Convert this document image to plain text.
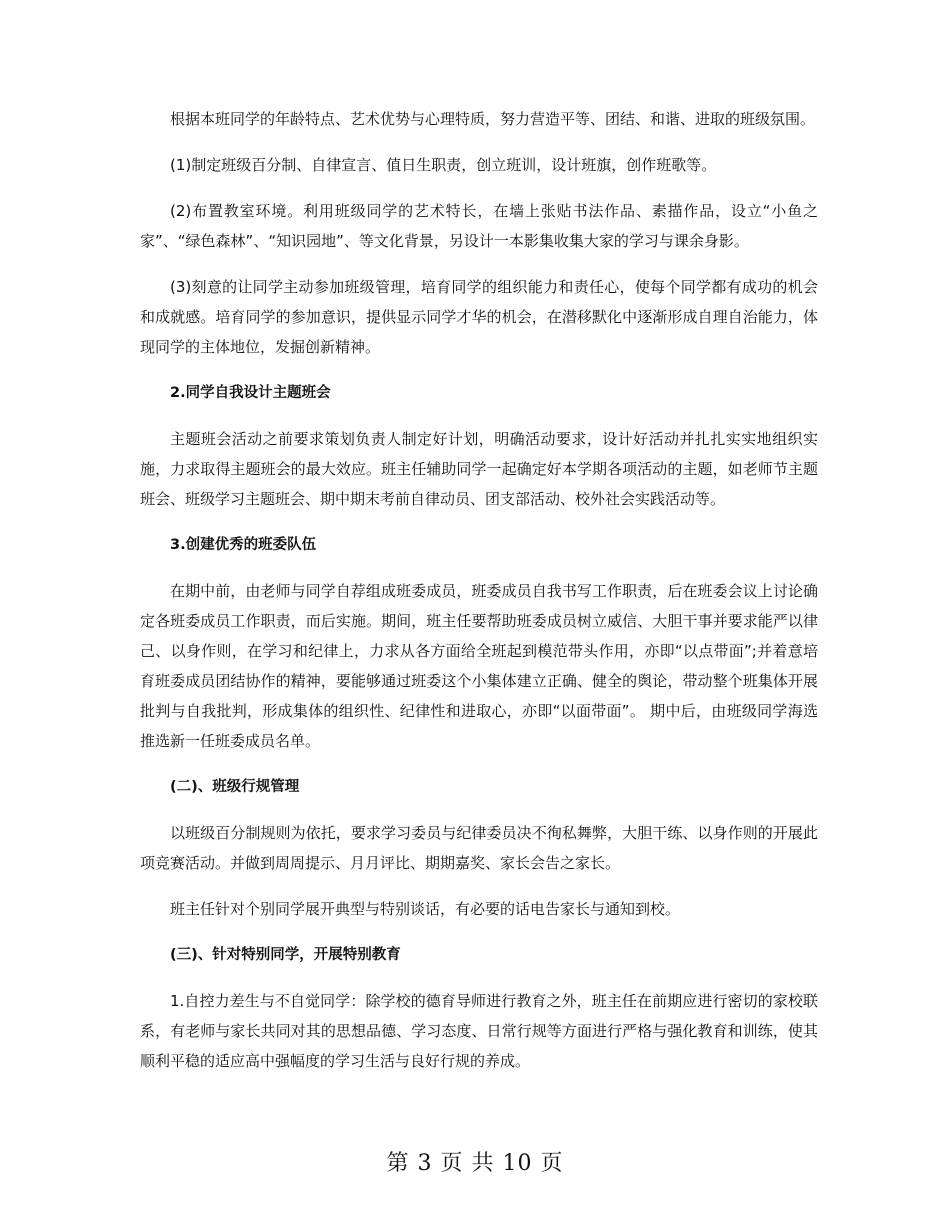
根据本班同学的年龄特点、艺术优势与心理特质，努力营造平等、团结、和谐、进取的班级氛围。

(1)制定班级百分制、自律宣言、值日生职责，创立班训，设计班旗，创作班歌等。

(2)布置教室环境。利用班级同学的艺术特长，在墙上张贴书法作品、素描作品，设立“小鱼之家”、“绿色森林”、“知识园地”、等文化背景，另设计一本影集收集大家的学习与课余身影。

(3)刻意的让同学主动参加班级管理，培育同学的组织能力和责任心，使每个同学都有成功的机会和成就感。培育同学的参加意识，提供显示同学才华的机会，在潜移默化中逐渐形成自理自治能力，体现同学的主体地位，发掘创新精神。

2.同学自我设计主题班会

主题班会活动之前要求策划负责人制定好计划，明确活动要求，设计好活动并扎扎实实地组织实施，力求取得主题班会的最大效应。班主任辅助同学一起确定好本学期各项活动的主题，如老师节主题班会、班级学习主题班会、期中期末考前自律动员、团支部活动、校外社会实践活动等。

3.创建优秀的班委队伍

在期中前，由老师与同学自荐组成班委成员，班委成员自我书写工作职责，后在班委会议上讨论确定各班委成员工作职责，而后实施。期间，班主任要帮助班委成员树立威信、大胆干事并要求能严以律己、以身作则，在学习和纪律上，力求从各方面给全班起到模范带头作用，亦即“以点带面”;并着意培育班委成员团结协作的精神，要能够通过班委这个小集体建立正确、健全的舆论，带动整个班集体开展批判与自我批判，形成集体的组织性、纪律性和进取心，亦即“以面带面”。 期中后，由班级同学海选推选新一任班委成员名单。

(二)、班级行规管理

以班级百分制规则为依托，要求学习委员与纪律委员决不徇私舞弊，大胆干练、以身作则的开展此项竞赛活动。并做到周周提示、月月评比、期期嘉奖、家长会告之家长。

班主任针对个别同学展开典型与特别谈话，有必要的话电告家长与通知到校。

(三)、针对特别同学，开展特别教育

1.自控力差生与不自觉同学：除学校的德育导师进行教育之外，班主任在前期应进行密切的家校联系，有老师与家长共同对其的思想品德、学习态度、日常行规等方面进行严格与强化教育和训练，使其顺利平稳的适应高中强幅度的学习生活与良好行规的养成。

第 3 页 共 10 页
